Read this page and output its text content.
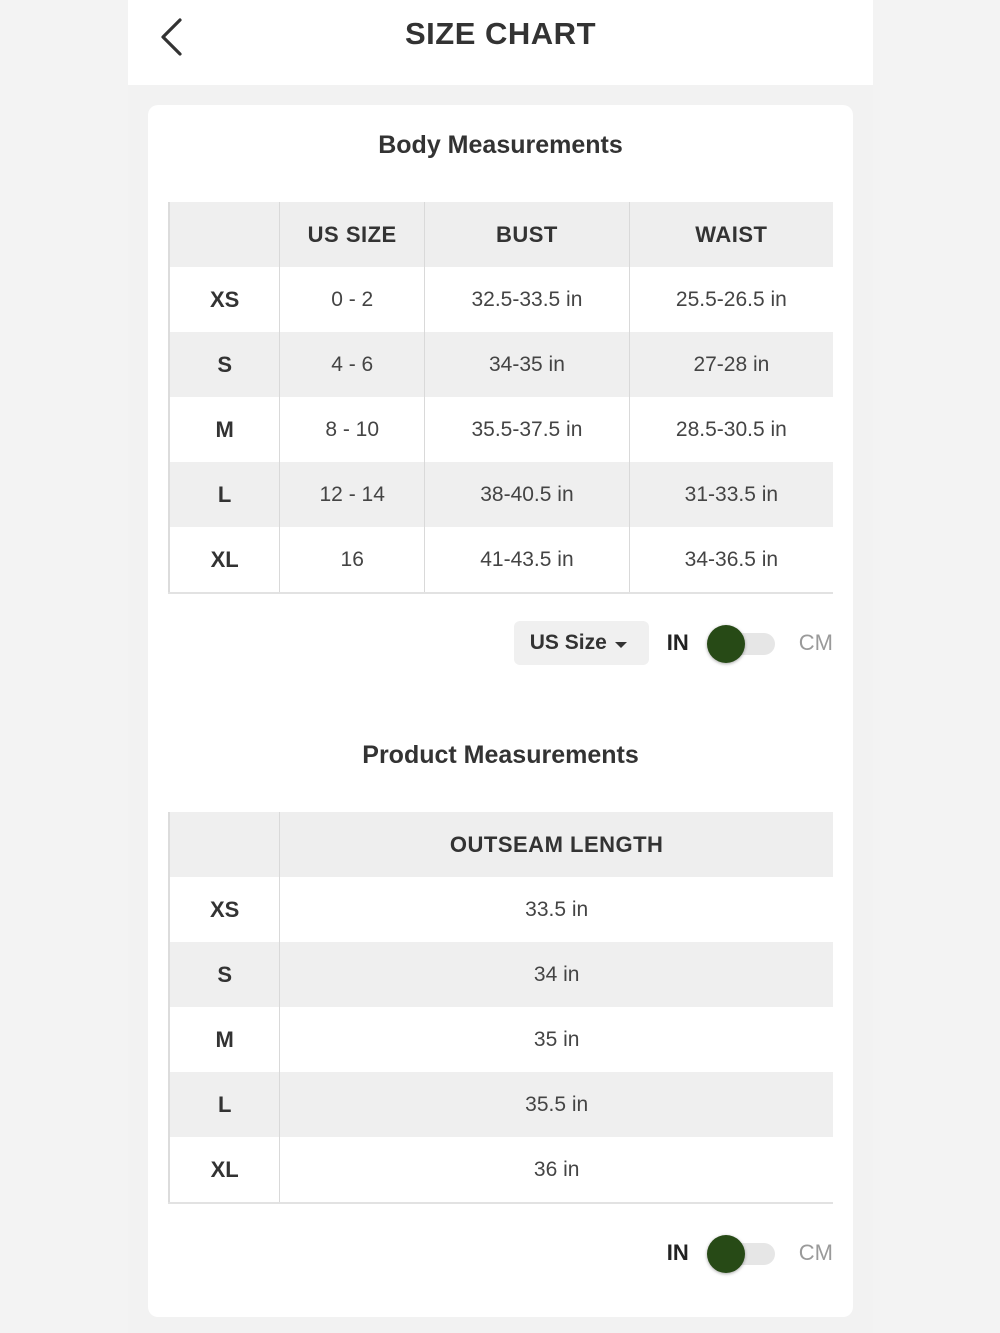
SIZE CHART
Body Measurements
	US SIZE	BUST	WAIST
XS	0 - 2	32.5-33.5 in	25.5-26.5 in
S	4 - 6	34-35 in	27-28 in
M	8 - 10	35.5-37.5 in	28.5-30.5 in
L	12 - 14	38-40.5 in	31-33.5 in
XL	16	41-43.5 in	34-36.5 in
US Size	IN	CM
Product Measurements
	OUTSEAM LENGTH
XS	33.5 in
S	34 in
M	35 in
L	35.5 in
XL	36 in
IN	CM
